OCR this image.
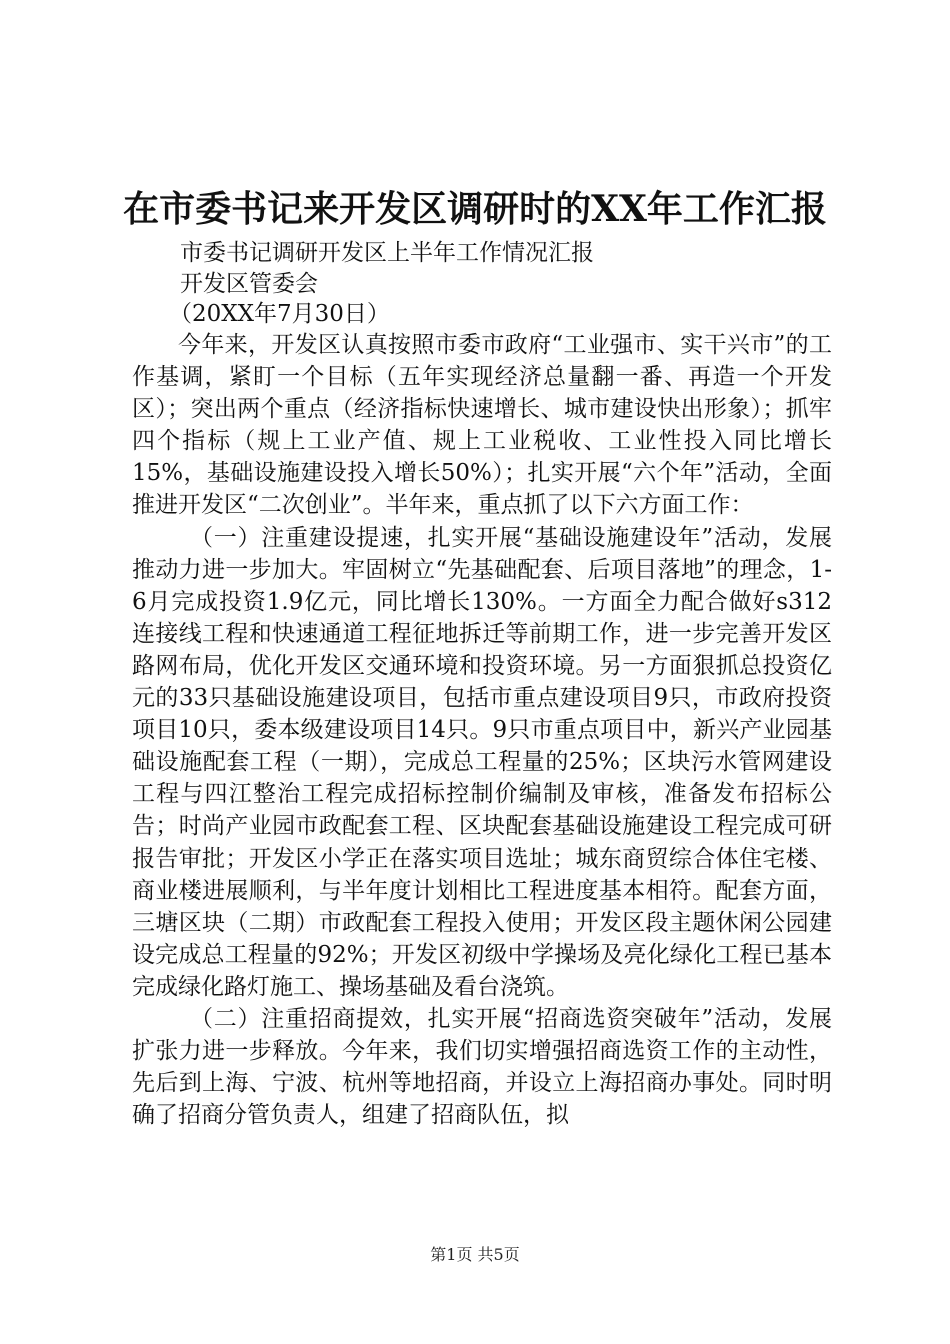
在市委书记来开发区调研时的XX年工作汇报
市委书记调研开发区上半年工作情况汇报
开发区管委会
（20XX年7月30日）

今年来，开发区认真按照市委市政府“工业强市、实干兴市”的工作基调，紧盯一个目标（五年实现经济总量翻一番、再造一个开发区）；突出两个重点（经济指标快速增长、城市建设快出形象）；抓牢四个指标（规上工业产值、规上工业税收、工业性投入同比增长15%，基础设施建设投入增长50%）；扎实开展“六个年”活动，全面推进开发区“二次创业”。半年来，重点抓了以下六方面工作：

（一）注重建设提速，扎实开展“基础设施建设年”活动，发展推动力进一步加大。牢固树立“先基础配套、后项目落地”的理念，1-6月完成投资1.9亿元，同比增长130%。一方面全力配合做好s312连接线工程和快速通道工程征地拆迁等前期工作，进一步完善开发区路网布局，优化开发区交通环境和投资环境。另一方面狠抓总投资亿元的33只基础设施建设项目，包括市重点建设项目9只，市政府投资项目10只，委本级建设项目14只。9只市重点项目中，新兴产业园基础设施配套工程（一期），完成总工程量的25%；区块污水管网建设工程与四江整治工程完成招标控制价编制及审核，准备发布招标公告；时尚产业园市政配套工程、区块配套基础设施建设工程完成可研报告审批；开发区小学正在落实项目选址；城东商贸综合体住宅楼、商业楼进展顺利，与半年度计划相比工程进度基本相符。配套方面，三塘区块（二期）市政配套工程投入使用；开发区段主题休闲公园建设完成总工程量的92%；开发区初级中学操场及亮化绿化工程已基本完成绿化路灯施工、操场基础及看台浇筑。

（二）注重招商提效，扎实开展“招商选资突破年”活动，发展扩张力进一步释放。今年来，我们切实增强招商选资工作的主动性，先后到上海、宁波、杭州等地招商，并设立上海招商办事处。同时明确了招商分管负责人，组建了招商队伍，拟

第1页 共5页
